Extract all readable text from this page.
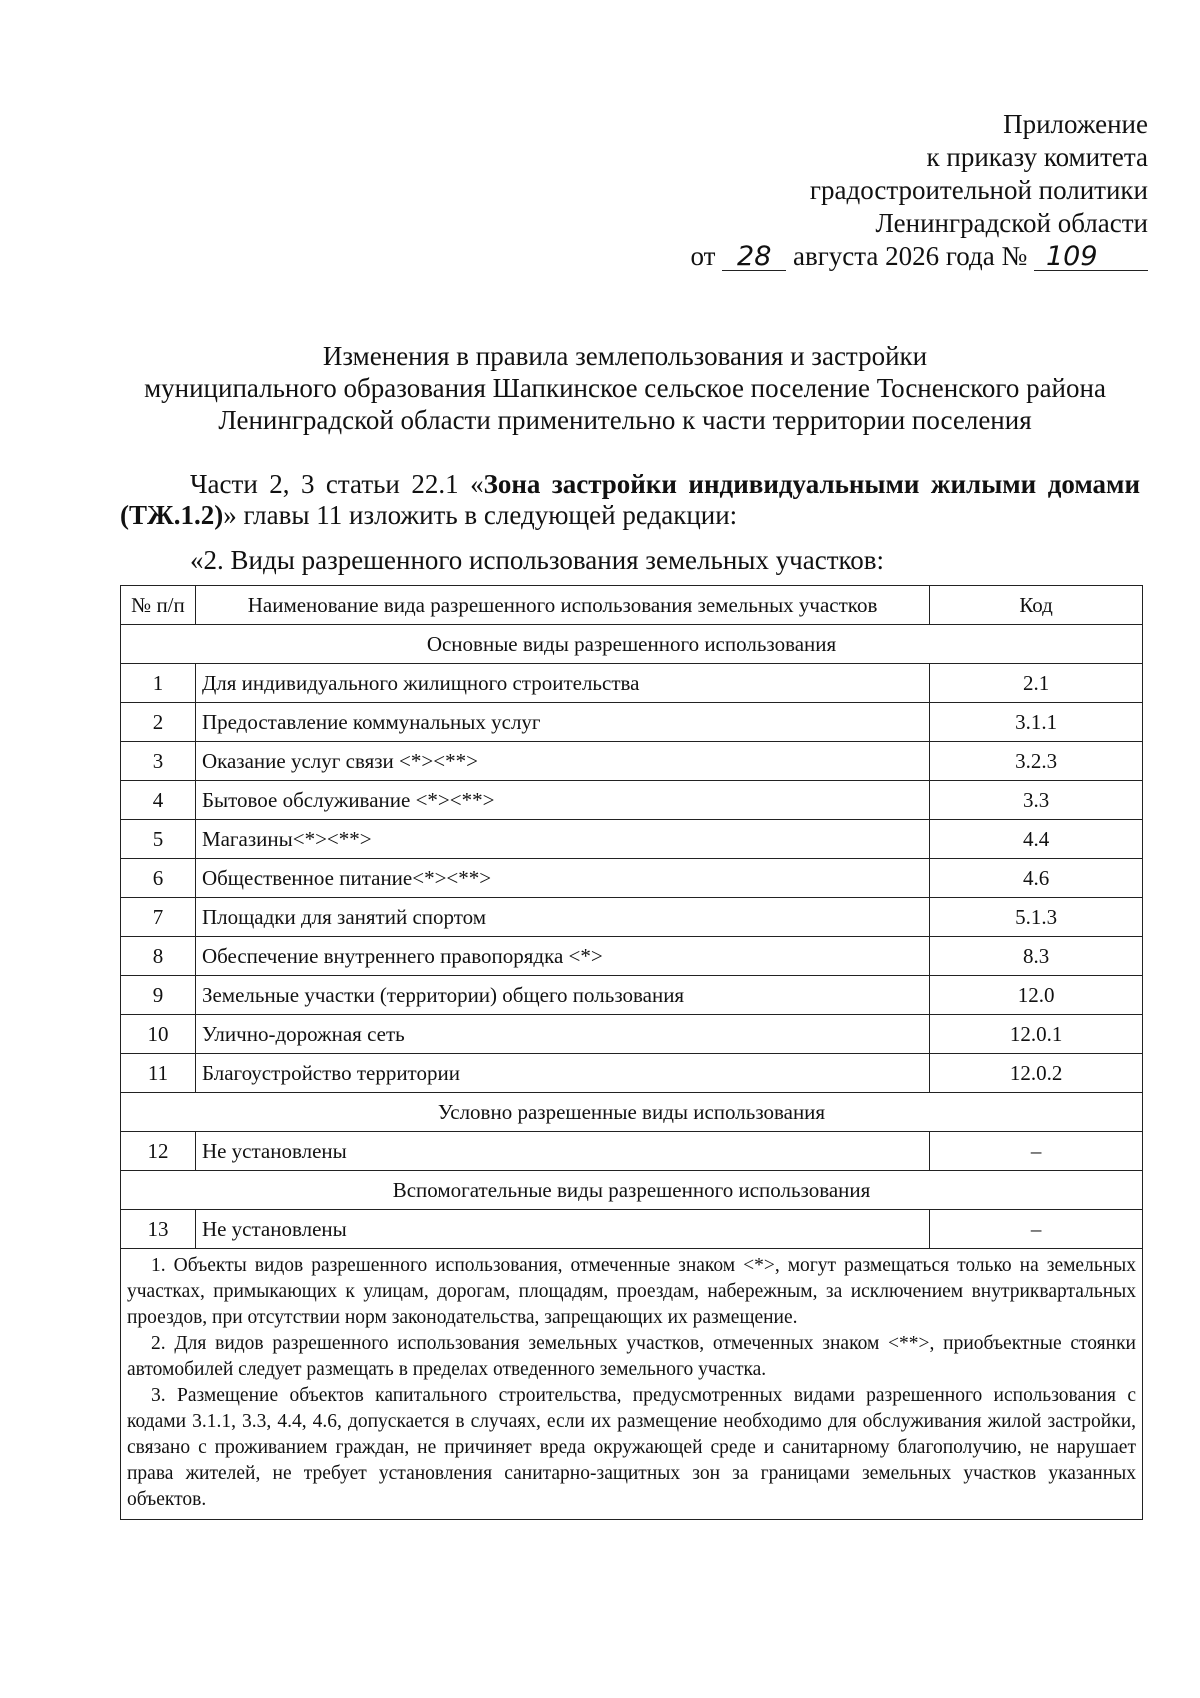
Приложение
к приказу комитета
градостроительной политики
Ленинградской области
от 28 августа 2026 года № 109
Изменения в правила землепользования и застройки
муниципального образования Шапкинское сельское поселение Тосненского района
Ленинградской области применительно к части территории поселения

Части 2, 3 статьи 22.1 «Зона застройки индивидуальными жилыми домами (ТЖ.1.2)» главы 11 изложить в следующей редакции:

«2. Виды разрешенного использования земельных участков:

№ п/п	Наименование вида разрешенного использования земельных участков	Код
Основные виды разрешенного использования		
1	Для индивидуального жилищного строительства	2.1
2	Предоставление коммунальных услуг	3.1.1
3	Оказание услуг связи <*><**>	3.2.3
4	Бытовое обслуживание <*><**>	3.3
5	Магазины<*><**>	4.4
6	Общественное питание<*><**>	4.6
7	Площадки для занятий спортом	5.1.3
8	Обеспечение внутреннего правопорядка <*>	8.3
9	Земельные участки (территории) общего пользования	12.0
10	Улично-дорожная сеть	12.0.1
11	Благоустройство территории	12.0.2
Условно разрешенные виды использования		
12	Не установлены	–
Вспомогательные виды разрешенного использования		
13	Не установлены	–

1. Объекты видов разрешенного использования, отмеченные знаком <*>, могут размещаться только на земельных участках, примыкающих к улицам, дорогам, площадям, проездам, набережным, за исключением внутриквартальных проездов, при отсутствии норм законодательства, запрещающих их размещение.

2. Для видов разрешенного использования земельных участков, отмеченных знаком <**>, приобъектные стоянки автомобилей следует размещать в пределах отведенного земельного участка.

3. Размещение объектов капитального строительства, предусмотренных видами разрешенного использования с кодами 3.1.1, 3.3, 4.4, 4.6, допускается в случаях, если их размещение необходимо для обслуживания жилой застройки, связано с проживанием граждан, не причиняет вреда окружающей среде и санитарному благополучию, не нарушает права жителей, не требует установления санитарно-защитных зон за границами земельных участков указанных объектов.		
